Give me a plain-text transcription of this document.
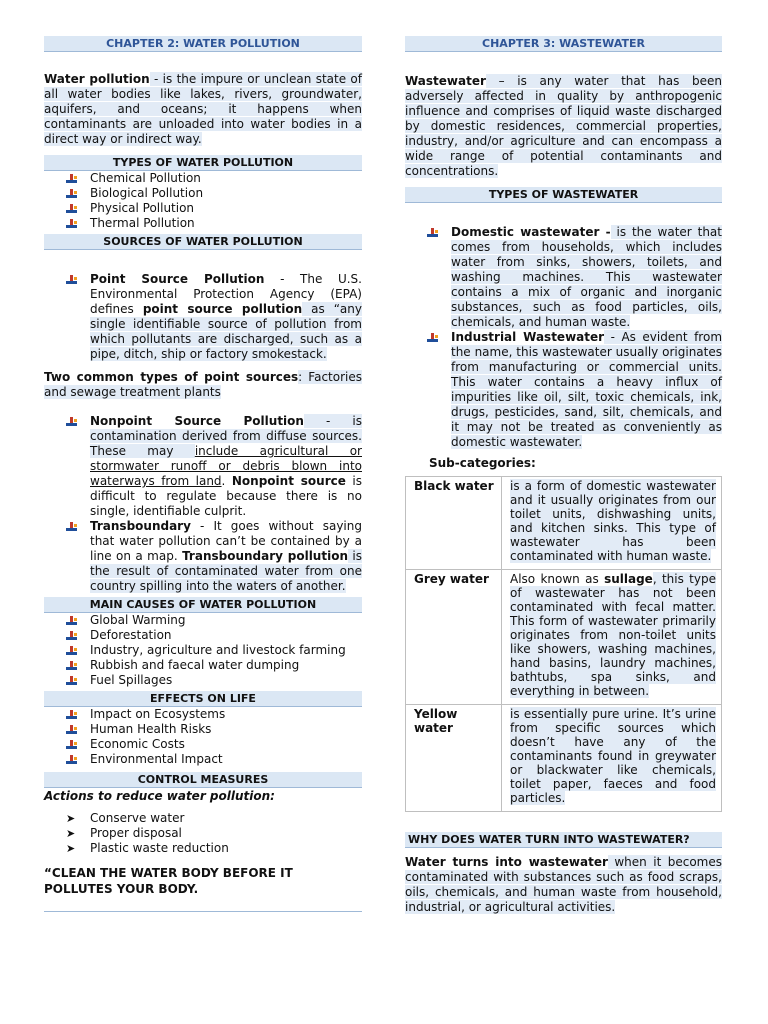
CHAPTER 2: WATER POLLUTION

Water pollution - is the impure or unclean state of all water bodies like lakes, rivers, groundwater, aquifers, and oceans; it happens when contaminants are unloaded into water bodies in a direct way or indirect way.

TYPES OF WATER POLLUTION
Chemical Pollution
Biological Pollution
Physical Pollution
Thermal Pollution
SOURCES OF WATER POLLUTION
Point Source Pollution - The U.S. Environmental Protection Agency (EPA) defines point source pollution as “any single identifiable source of pollution from which pollutants are discharged, such as a pipe, ditch, ship or factory smokestack.

Two common types of point sources: Factories and sewage treatment plants

Nonpoint Source Pollution - is contamination derived from diffuse sources. These may include agricultural or stormwater runoff or debris blown into waterways from land. Nonpoint source is difficult to regulate because there is no single, identifiable culprit.
Transboundary - It goes without saying that water pollution can’t be contained by a line on a map. Transboundary pollution is the result of contaminated water from one country spilling into the waters of another.
MAIN CAUSES OF WATER POLLUTION
Global Warming
Deforestation
Industry, agriculture and livestock farming
Rubbish and faecal water dumping
Fuel Spillages
EFFECTS ON LIFE
Impact on Ecosystems
Human Health Risks
Economic Costs
Environmental Impact
CONTROL MEASURES
Actions to reduce water pollution:
➤ Conserve water
➤ Proper disposal
➤ Plastic waste reduction
“CLEAN THE WATER BODY BEFORE IT POLLUTES YOUR BODY.
CHAPTER 3: WASTEWATER

Wastewater – is any water that has been adversely affected in quality by anthropogenic influence and comprises of liquid waste discharged by domestic residences, commercial properties, industry, and/or agriculture and can encompass a wide range of potential contaminants and concentrations.

TYPES OF WASTEWATER
Domestic wastewater - is the water that comes from households, which includes water from sinks, showers, toilets, and washing machines. This wastewater contains a mix of organic and inorganic substances, such as food particles, oils, chemicals, and human waste.
Industrial Wastewater - As evident from the name, this wastewater usually originates from manufacturing or commercial units. This water contains a heavy influx of impurities like oil, silt, toxic chemicals, ink, drugs, pesticides, sand, silt, chemicals, and it may not be treated as conveniently as domestic wastewater.
Sub-categories:
Black water	is a form of domestic wastewater and it usually originates from our toilet units, dishwashing units, and kitchen sinks. This type of wastewater has been contaminated with human waste.
Grey water	Also known as sullage, this type of wastewater has not been contaminated with fecal matter. This form of wastewater primarily originates from non-toilet units like showers, washing machines, hand basins, laundry machines, bathtubs, spa sinks, and everything in between.
Yellow water	is essentially pure urine. It’s urine from specific sources which doesn’t have any of the contaminants found in greywater or blackwater like chemicals, toilet paper, faeces and food particles.
WHY DOES WATER TURN INTO WASTEWATER?

Water turns into wastewater when it becomes contaminated with substances such as food scraps, oils, chemicals, and human waste from household, industrial, or agricultural activities.
